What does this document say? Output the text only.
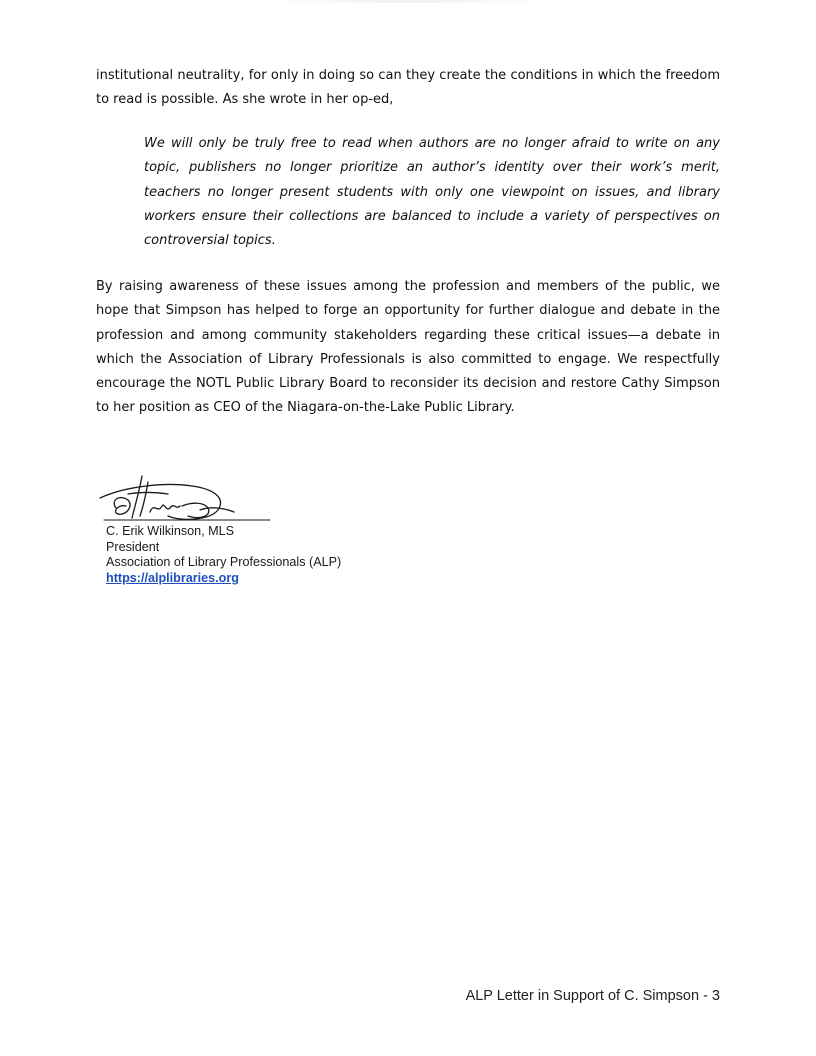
institutional neutrality, for only in doing so can they create the conditions in which the freedom to read is possible. As she wrote in her op-ed,

We will only be truly free to read when authors are no longer afraid to write on any topic, publishers no longer prioritize an author’s identity over their work’s merit, teachers no longer present students with only one viewpoint on issues, and library workers ensure their collections are balanced to include a variety of perspectives on controversial topics.

By raising awareness of these issues among the profession and members of the public, we hope that Simpson has helped to forge an opportunity for further dialogue and debate in the profession and among community stakeholders regarding these critical issues—a debate in which the Association of Library Professionals is also committed to engage. We respectfully encourage the NOTL Public Library Board to reconsider its decision and restore Cathy Simpson to her position as CEO of the Niagara-on-the-Lake Public Library.

C. Erik Wilkinson, MLS
President
Association of Library Professionals (ALP)
https://alplibraries.org
ALP Letter in Support of C. Simpson - 3
